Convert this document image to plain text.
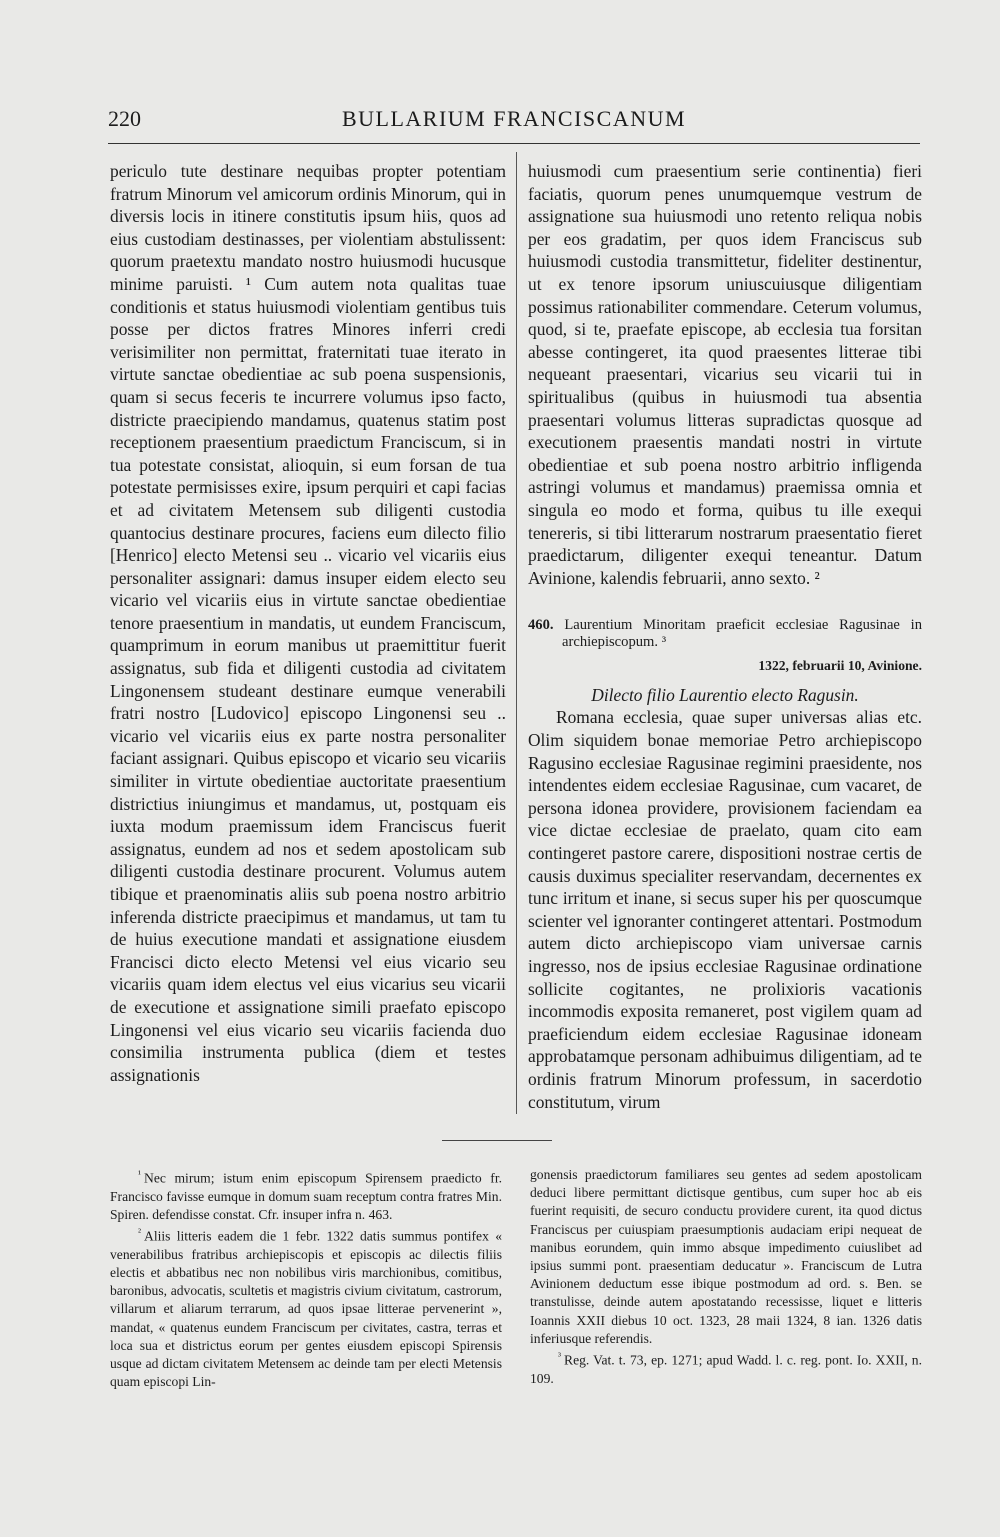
220	BULLARIUM FRANCISCANUM

periculo tute destinare nequibas propter potentiam fratrum Minorum vel amicorum ordinis Minorum, qui in diversis locis in itinere constitutis ipsum hiis, quos ad eius custodiam destinasses, per violentiam abstulissent: quorum praetextu mandato nostro huiusmodi hucusque minime paruisti. ¹ Cum autem nota qualitas tuae conditionis et status huiusmodi violentiam gentibus tuis posse per dictos fratres Minores inferri credi verisimiliter non permittat, fraternitati tuae iterato in virtute sanctae obedientiae ac sub poena suspensionis, quam si secus feceris te incurrere volumus ipso facto, districte praecipiendo mandamus, quatenus statim post receptionem praesentium praedictum Franciscum, si in tua potestate consistat, alioquin, si eum forsan de tua potestate permisisses exire, ipsum perquiri et capi facias et ad civitatem Metensem sub diligenti custodia quantocius destinare procures, faciens eum dilecto filio [Henrico] electo Metensi seu .. vicario vel vicariis eius personaliter assignari: damus insuper eidem electo seu vicario vel vicariis eius in virtute sanctae obedientiae tenore praesentium in mandatis, ut eundem Franciscum, quamprimum in eorum manibus ut praemittitur fuerit assignatus, sub fida et diligenti custodia ad civitatem Lingonensem studeant destinare eumque venerabili fratri nostro [Ludovico] episcopo Lingonensi seu .. vicario vel vicariis eius ex parte nostra personaliter faciant assignari. Quibus episcopo et vicario seu vicariis similiter in virtute obedientiae auctoritate praesentium districtius iniungimus et mandamus, ut, postquam eis iuxta modum praemissum idem Franciscus fuerit assignatus, eundem ad nos et sedem apostolicam sub diligenti custodia destinare procurent. Volumus autem tibique et praenominatis aliis sub poena nostro arbitrio inferenda districte praecipimus et mandamus, ut tam tu de huius executione mandati et assignatione eiusdem Francisci dicto electo Metensi vel eius vicario seu vicariis quam idem electus vel eius vicarius seu vicarii de executione et assignatione simili praefato episcopo Lingonensi vel eius vicario seu vicariis facienda duo consimilia instrumenta publica (diem et testes assignationis

huiusmodi cum praesentium serie continentia) fieri faciatis, quorum penes unumquemque vestrum de assignatione sua huiusmodi uno retento reliqua nobis per eos gradatim, per quos idem Franciscus sub huiusmodi custodia transmittetur, fideliter destinentur, ut ex tenore ipsorum uniuscuiusque diligentiam possimus rationabiliter commendare. Ceterum volumus, quod, si te, praefate episcope, ab ecclesia tua forsitan abesse contingeret, ita quod praesentes litterae tibi nequeant praesentari, vicarius seu vicarii tui in spiritualibus (quibus in huiusmodi tua absentia praesentari volumus litteras supradictas quosque ad executionem praesentis mandati nostri in virtute obedientiae et sub poena nostro arbitrio infligenda astringi volumus et mandamus) praemissa omnia et singula eo modo et forma, quibus tu ille exequi tenereris, si tibi litterarum nostrarum praesentatio fieret praedictarum, diligenter exequi teneantur. Datum Avinione, kalendis februarii, anno sexto. ²

460. Laurentium Minoritam praeficit ecclesiae Ragusinae in archiepiscopum. ³
1322, februarii 10, Avinione.
Dilecto filio Laurentio electo Ragusin.

Romana ecclesia, quae super universas alias etc. Olim siquidem bonae memoriae Petro archiepiscopo Ragusino ecclesiae Ragusinae regimini praesidente, nos intendentes eidem ecclesiae Ragusinae, cum vacaret, de persona idonea providere, provisionem faciendam ea vice dictae ecclesiae de praelato, quam cito eam contingeret pastore carere, dispositioni nostrae certis de causis duximus specialiter reservandam, decernentes ex tunc irritum et inane, si secus super his per quoscumque scienter vel ignoranter contingeret attentari. Postmodum autem dicto archiepiscopo viam universae carnis ingresso, nos de ipsius ecclesiae Ragusinae ordinatione sollicite cogitantes, ne prolixioris vacationis incommodis exposita remaneret, post vigilem quam ad praeficiendum eidem ecclesiae Ragusinae idoneam approbatamque personam adhibuimus diligentiam, ad te ordinis fratrum Minorum professum, in sacerdotio constitutum, virum

$^{^1}$ Nec mirum; istum enim episcopum Spirensem praedicto fr. Francisco favisse eumque in domum suam receptum contra fratres Min. Spiren. defendisse constat. Cfr. insuper infra n. 463.

$^{^2}$ Aliis litteris eadem die 1 febr. 1322 datis summus pontifex « venerabilibus fratribus archiepiscopis et episcopis ac dilectis filiis electis et abbatibus nec non nobilibus viris marchionibus, comitibus, baronibus, advocatis, scultetis et magistris civium civitatum, castrorum, villarum et aliarum terrarum, ad quos ipsae litterae pervenerint », mandat, « quatenus eundem Franciscum per civitates, castra, terras et loca sua et districtus eorum per gentes eiusdem episcopi Spirensis usque ad dictam civitatem Metensem ac deinde tam per electi Metensis quam episcopi Lin-

gonensis praedictorum familiares seu gentes ad sedem apostolicam deduci libere permittant dictisque gentibus, cum super hoc ab eis fuerint requisiti, de securo conductu providere curent, ita quod dictus Franciscus per cuiuspiam praesumptionis audaciam eripi nequeat de manibus eorundem, quin immo absque impedimento cuiuslibet ad ipsius summi pont. praesentiam deducatur ». Franciscum de Lutra Avinionem deductum esse ibique postmodum ad ord. s. Ben. se transtulisse, deinde autem apostatando recessisse, liquet e litteris Ioannis XXII diebus 10 oct. 1323, 28 maii 1324, 8 ian. 1326 datis inferiusque referendis.

$^{^3}$ Reg. Vat. t. 73, ep. 1271; apud Wadd. l. c. reg. pont. Io. XXII, n. 109.
